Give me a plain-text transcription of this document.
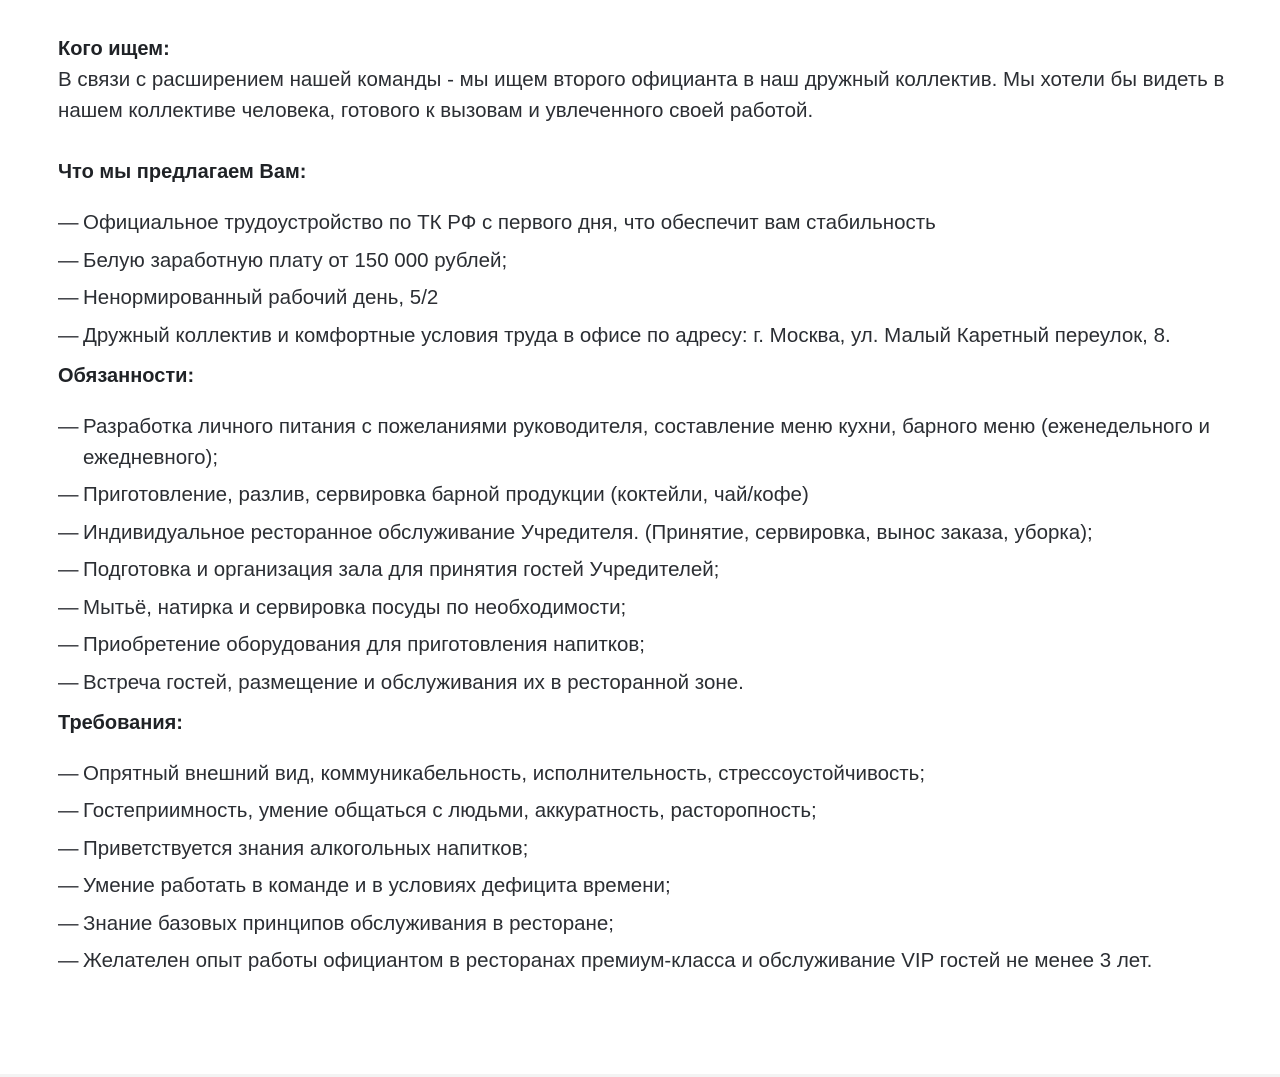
Кого ищем:

В связи с расширением нашей команды - мы ищем второго официанта в наш дружный коллектив. Мы хотели бы видеть в нашем коллективе человека, готового к вызовам и увлеченного своей работой.

Что мы предлагаем Вам:
— Официальное трудоустройство по ТК РФ с первого дня, что обеспечит вам стабильность
— Белую заработную плату от 150 000 рублей;
— Ненормированный рабочий день, 5/2
— Дружный коллектив и комфортные условия труда в офисе по адресу: г. Москва, ул. Малый Каретный переулок, 8.
Обязанности:
— Разработка личного питания с пожеланиями руководителя, составление меню кухни, барного меню (еженедельного и ежедневного);
— Приготовление, разлив, сервировка барной продукции (коктейли, чай/кофе)
— Индивидуальное ресторанное обслуживание Учредителя. (Принятие, сервировка, вынос заказа, уборка);
— Подготовка и организация зала для принятия гостей Учредителей;
— Мытьё, натирка и сервировка посуды по необходимости;
— Приобретение оборудования для приготовления напитков;
— Встреча гостей, размещение и обслуживания их в ресторанной зоне.
Требования:
— Опрятный внешний вид, коммуникабельность, исполнительность, стрессоустойчивость;
— Гостеприимность, умение общаться с людьми, аккуратность, расторопность;
— Приветствуется знания алкогольных напитков;
— Умение работать в команде и в условиях дефицита времени;
— Знание базовых принципов обслуживания в ресторане;
— Желателен опыт работы официантом в ресторанах премиум-класса и обслуживание VIP гостей не менее 3 лет.
